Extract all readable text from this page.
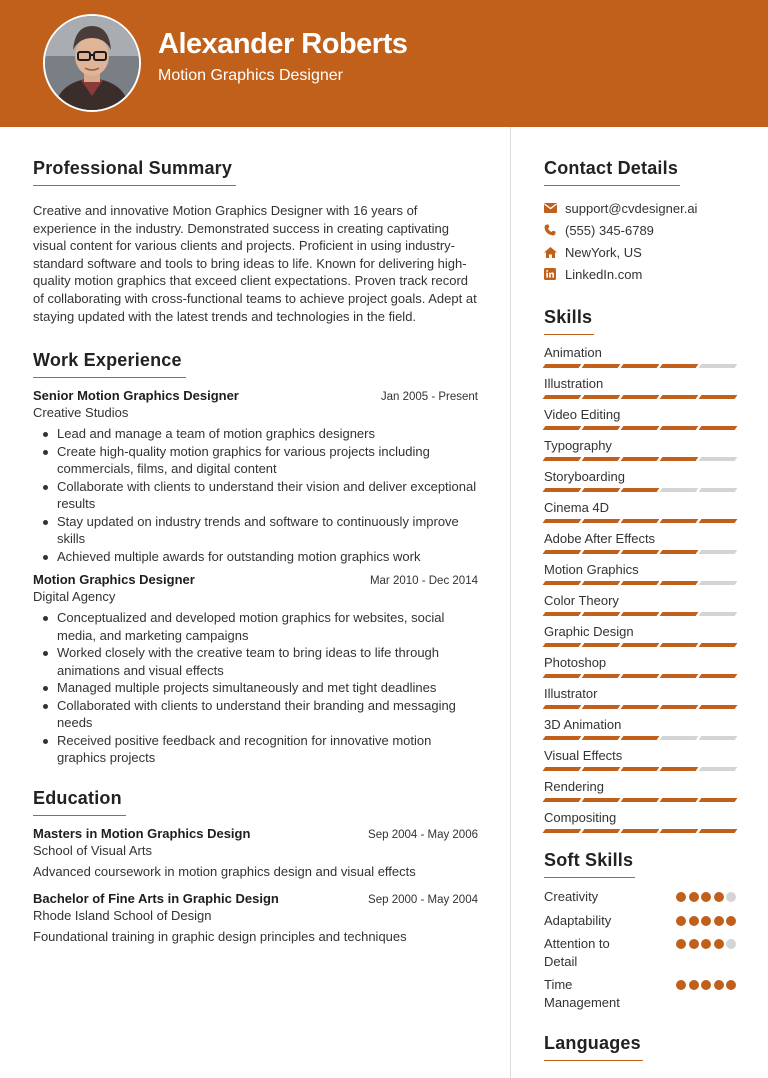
Alexander Roberts
Motion Graphics Designer
Professional Summary

Creative and innovative Motion Graphics Designer with 16 years of experience in the industry. Demonstrated success in creating captivating visual content for various clients and projects. Proficient in using industry-standard software and tools to bring ideas to life. Known for delivering high-quality motion graphics that exceed client expectations. Proven track record of collaborating with cross-functional teams to achieve project goals. Adept at staying updated with the latest trends and technologies in the field.

Work Experience
Senior Motion Graphics Designer	Jan 2005 - Present
Creative Studios
Lead and manage a team of motion graphics designers
Create high-quality motion graphics for various projects including commercials, films, and digital content
Collaborate with clients to understand their vision and deliver exceptional results
Stay updated on industry trends and software to continuously improve skills
Achieved multiple awards for outstanding motion graphics work
Motion Graphics Designer	Mar 2010 - Dec 2014
Digital Agency
Conceptualized and developed motion graphics for websites, social media, and marketing campaigns
Worked closely with the creative team to bring ideas to life through animations and visual effects
Managed multiple projects simultaneously and met tight deadlines
Collaborated with clients to understand their branding and messaging needs
Received positive feedback and recognition for innovative motion graphics projects
Education
Masters in Motion Graphics Design	Sep 2004 - May 2006
School of Visual Arts
Advanced coursework in motion graphics design and visual effects
Bachelor of Fine Arts in Graphic Design	Sep 2000 - May 2004
Rhode Island School of Design
Foundational training in graphic design principles and techniques
Contact Details
support@cvdesigner.ai
(555) 345-6789
NewYork, US
LinkedIn.com
Skills
Animation
Illustration
Video Editing
Typography
Storyboarding
Cinema 4D
Adobe After Effects
Motion Graphics
Color Theory
Graphic Design
Photoshop
Illustrator
3D Animation
Visual Effects
Rendering
Compositing
Soft Skills
Creativity
Adaptability
Attention to Detail
Time Management
Languages
